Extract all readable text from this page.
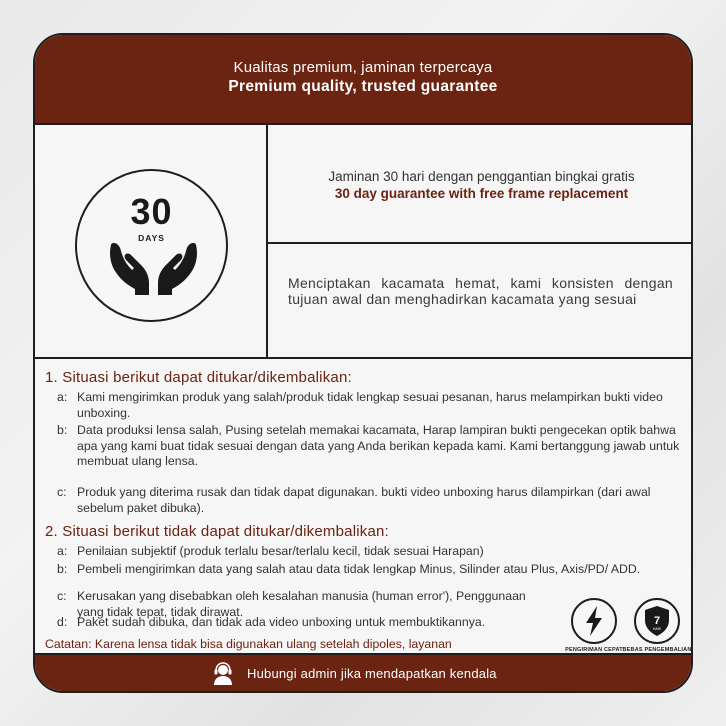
Kualitas premium, jaminan terpercaya
Premium quality, trusted guarantee
30
DAYS
Jaminan 30 hari dengan penggantian bingkai gratis
30 day guarantee with free frame replacement
Menciptakan kacamata hemat, kami konsisten dengan tujuan awal dan menghadirkan kacamata yang sesuai
1. Situasi berikut dapat ditukar/dikembalikan:
a: Kami mengirimkan produk yang salah/produk tidak lengkap sesuai pesanan, harus melampirkan bukti video unboxing.
b: Data produksi lensa salah, Pusing setelah memakai kacamata, Harap lampiran bukti pengecekan optik bahwa apa yang kami buat tidak sesuai dengan data yang Anda berikan kepada kami. Kami bertanggung jawab untuk membuat ulang lensa.
c: Produk yang diterima rusak dan tidak dapat digunakan. bukti video unboxing harus dilampirkan (dari awal sebelum paket dibuka).
2. Situasi berikut tidak dapat ditukar/dikembalikan:
a: Penilaian subjektif (produk terlalu besar/terlalu kecil, tidak sesuai Harapan)
b: Pembeli mengirimkan data yang salah atau data tidak lengkap Minus, Silinder atau Plus, Axis/PD/ ADD.
c: Kerusakan yang disebabkan oleh kesalahan manusia (human error'), Penggunaan yang tidak tepat, tidak dirawat.
d: Paket sudah dibuka, dan tidak ada video unboxing untuk membuktikannya.
Catatan: Karena lensa tidak bisa digunakan ulang setelah dipoles, layanan	PENGIRIMAN CEPAT
7
HARI
BEBAS PENGEMBALIAN
Hubungi admin jika mendapatkan kendala
